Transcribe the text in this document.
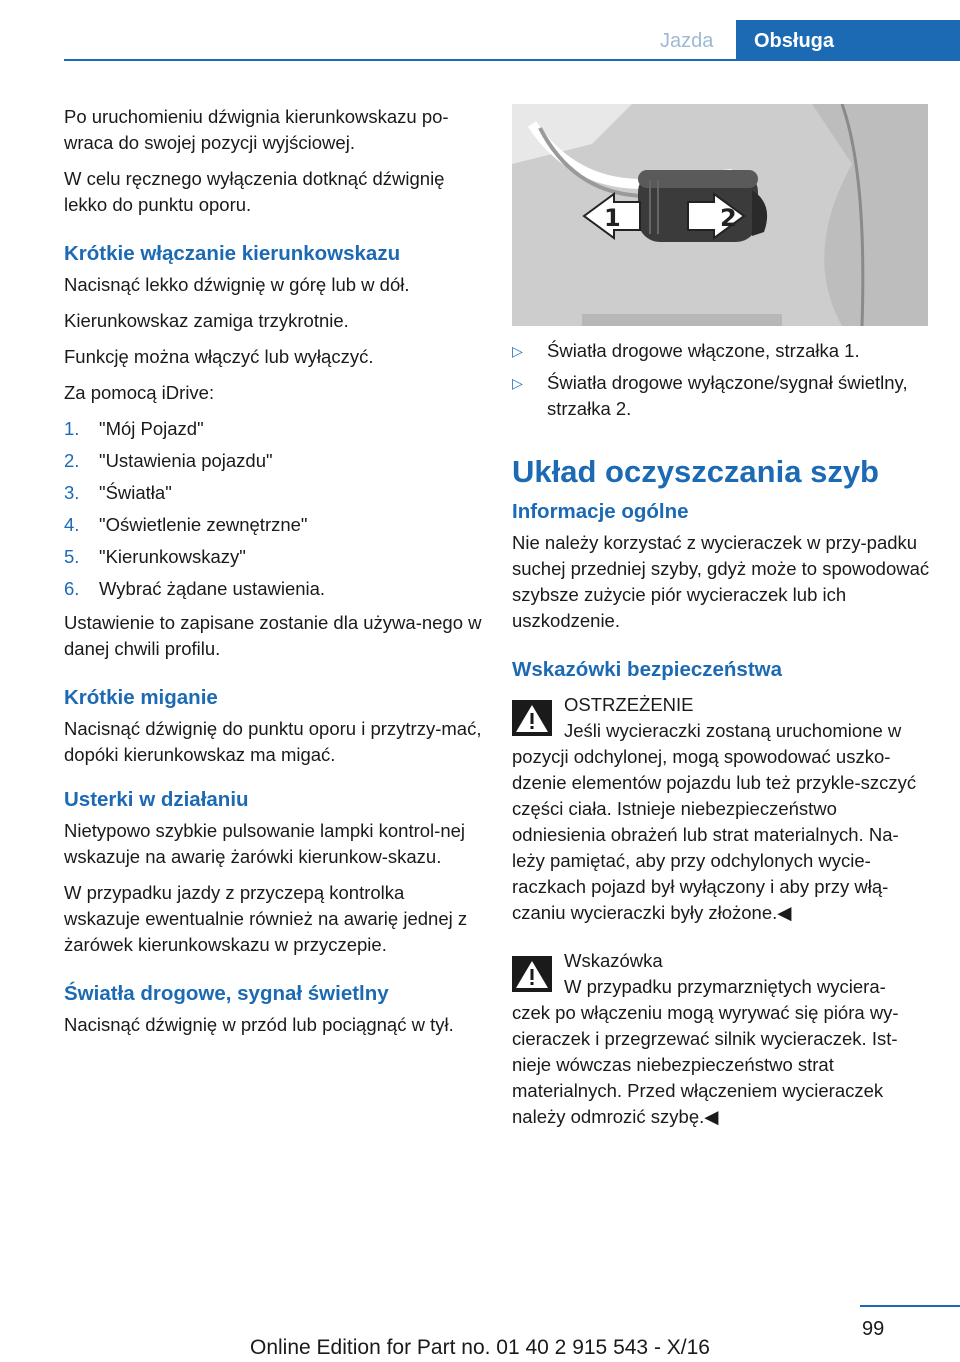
Jazda	Obsługa

Po uruchomieniu dźwignia kierunkowskazu po‐wraca do swojej pozycji wyjściowej.

W celu ręcznego wyłączenia dotknąć dźwignię lekko do punktu oporu.

Krótkie włączanie kierunkowskazu

Nacisnąć lekko dźwignię w górę lub w dół.

Kierunkowskaz zamiga trzykrotnie.

Funkcję można włączyć lub wyłączyć.

Za pomocą iDrive:

1.	"Mój Pojazd"
2.	"Ustawienia pojazdu"
3.	"Światła"
4.	"Oświetlenie zewnętrzne"
5.	"Kierunkowskazy"
6.	Wybrać żądane ustawienia.

Ustawienie to zapisane zostanie dla używa‐nego w danej chwili profilu.

Krótkie miganie

Nacisnąć dźwignię do punktu oporu i przytrzy‐mać, dopóki kierunkowskaz ma migać.

Usterki w działaniu

Nietypowo szybkie pulsowanie lampki kontrol‐nej wskazuje na awarię żarówki kierunkow‐skazu.

W przypadku jazdy z przyczepą kontrolka wskazuje ewentualnie również na awarię jednej z żarówek kierunkowskazu w przyczepie.

Światła drogowe, sygnał świetlny

Nacisnąć dźwignię w przód lub pociągnąć w tył.

1	2
▷	Światła drogowe włączone, strzałka 1.
▷	Światła drogowe wyłączone/sygnał świetlny, strzałka 2.
Układ oczyszczania szyb
Informacje ogólne

Nie należy korzystać z wycieraczek w przy‐padku suchej przedniej szyby, gdyż może to spowodować szybsze zużycie piór wycieraczek lub ich uszkodzenie.

Wskazówki bezpieczeństwa
OSTRZEŻENIE
Jeśli wycieraczki zostaną uruchomione w
pozycji odchylonej, mogą spowodować uszko‐dzenie elementów pojazdu lub też przykle‐szczyć części ciała. Istnieje niebezpieczeństwo odniesienia obrażeń lub strat materialnych. Na‐leży pamiętać, aby przy odchylonych wycie‐raczkach pojazd był wyłączony i aby przy włą‐czaniu wycieraczki były złożone.◀
Wskazówka
W przypadku przymarzniętych wyciera‐
czek po włączeniu mogą wyrywać się pióra wy‐cieraczek i przegrzewać silnik wycieraczek. Ist‐nieje wówczas niebezpieczeństwo strat materialnych. Przed włączeniem wycieraczek należy odmrozić szybę.◀
99
Online Edition for Part no. 01 40 2 915 543 - X/16
